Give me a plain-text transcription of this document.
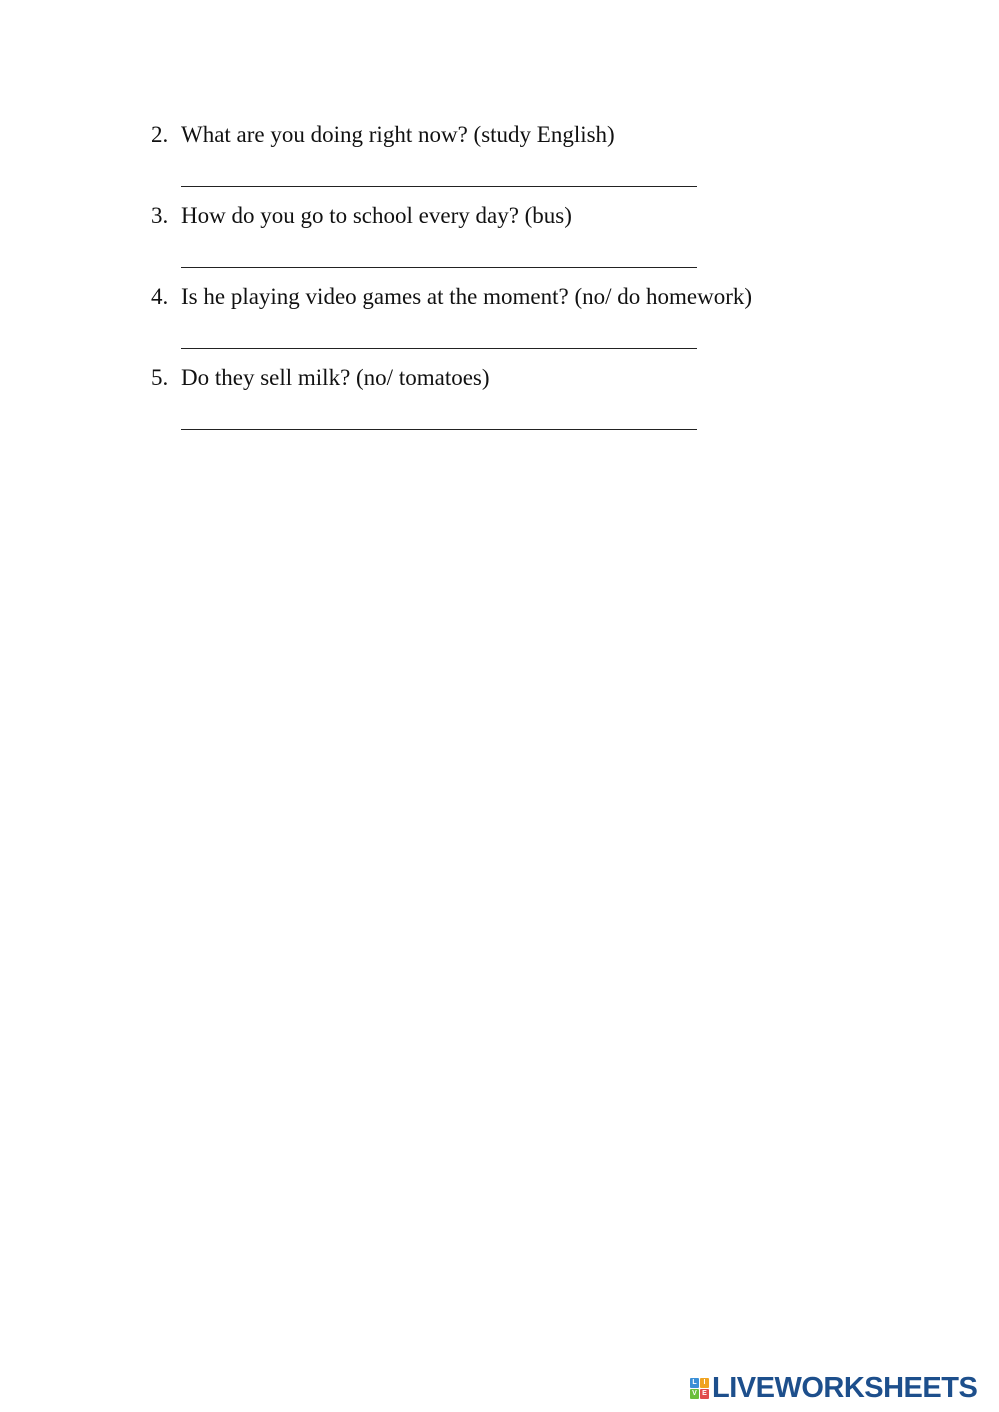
2. What are you doing right now? (study English)
3. How do you go to school every day? (bus)
4. Is he playing video games at the moment? (no/ do homework)
5. Do they sell milk? (no/ tomatoes)
L I
V E LIVEWORKSHEETS
